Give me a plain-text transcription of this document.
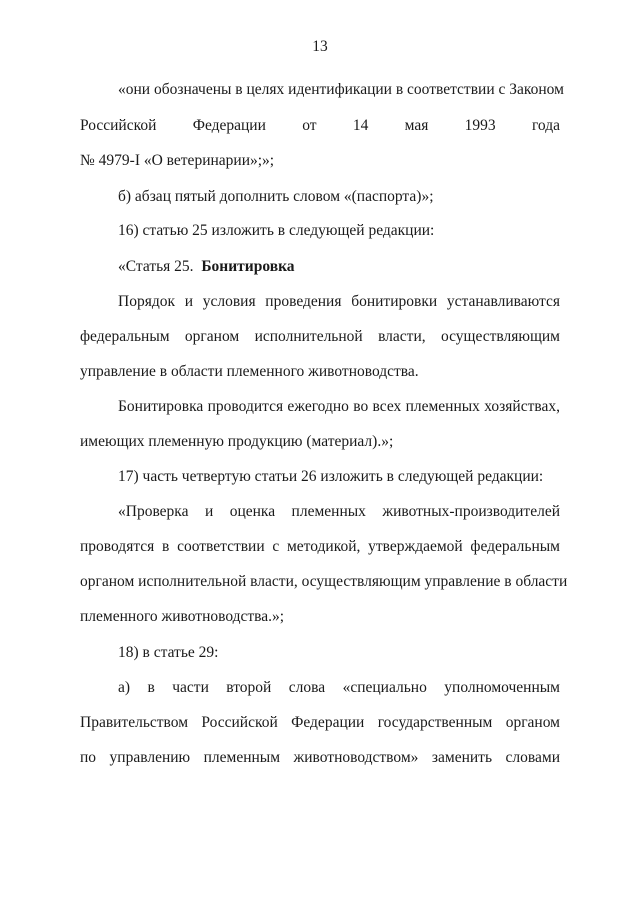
13
«они обозначены в целях идентификации в соответствии с Законом
Российской Федерации от 14 мая 1993 года
№ 4979-I «О ветеринарии»;»;
б) абзац пятый дополнить словом «(паспорта)»;
16) статью 25 изложить в следующей редакции:
«Статья 25. Бонитировка
Порядок и условия проведения бонитировки устанавливаются
федеральным органом исполнительной власти, осуществляющим
управление в области племенного животноводства.
Бонитировка проводится ежегодно во всех племенных хозяйствах,
имеющих племенную продукцию (материал).»;
17) часть четвертую статьи 26 изложить в следующей редакции:
«Проверка и оценка племенных животных-производителей
проводятся в соответствии с методикой, утверждаемой федеральным
органом исполнительной власти, осуществляющим управление в области
племенного животноводства.»;
18) в статье 29:
а) в части второй слова «специально уполномоченным
Правительством Российской Федерации государственным органом
по управлению племенным животноводством» заменить словами
